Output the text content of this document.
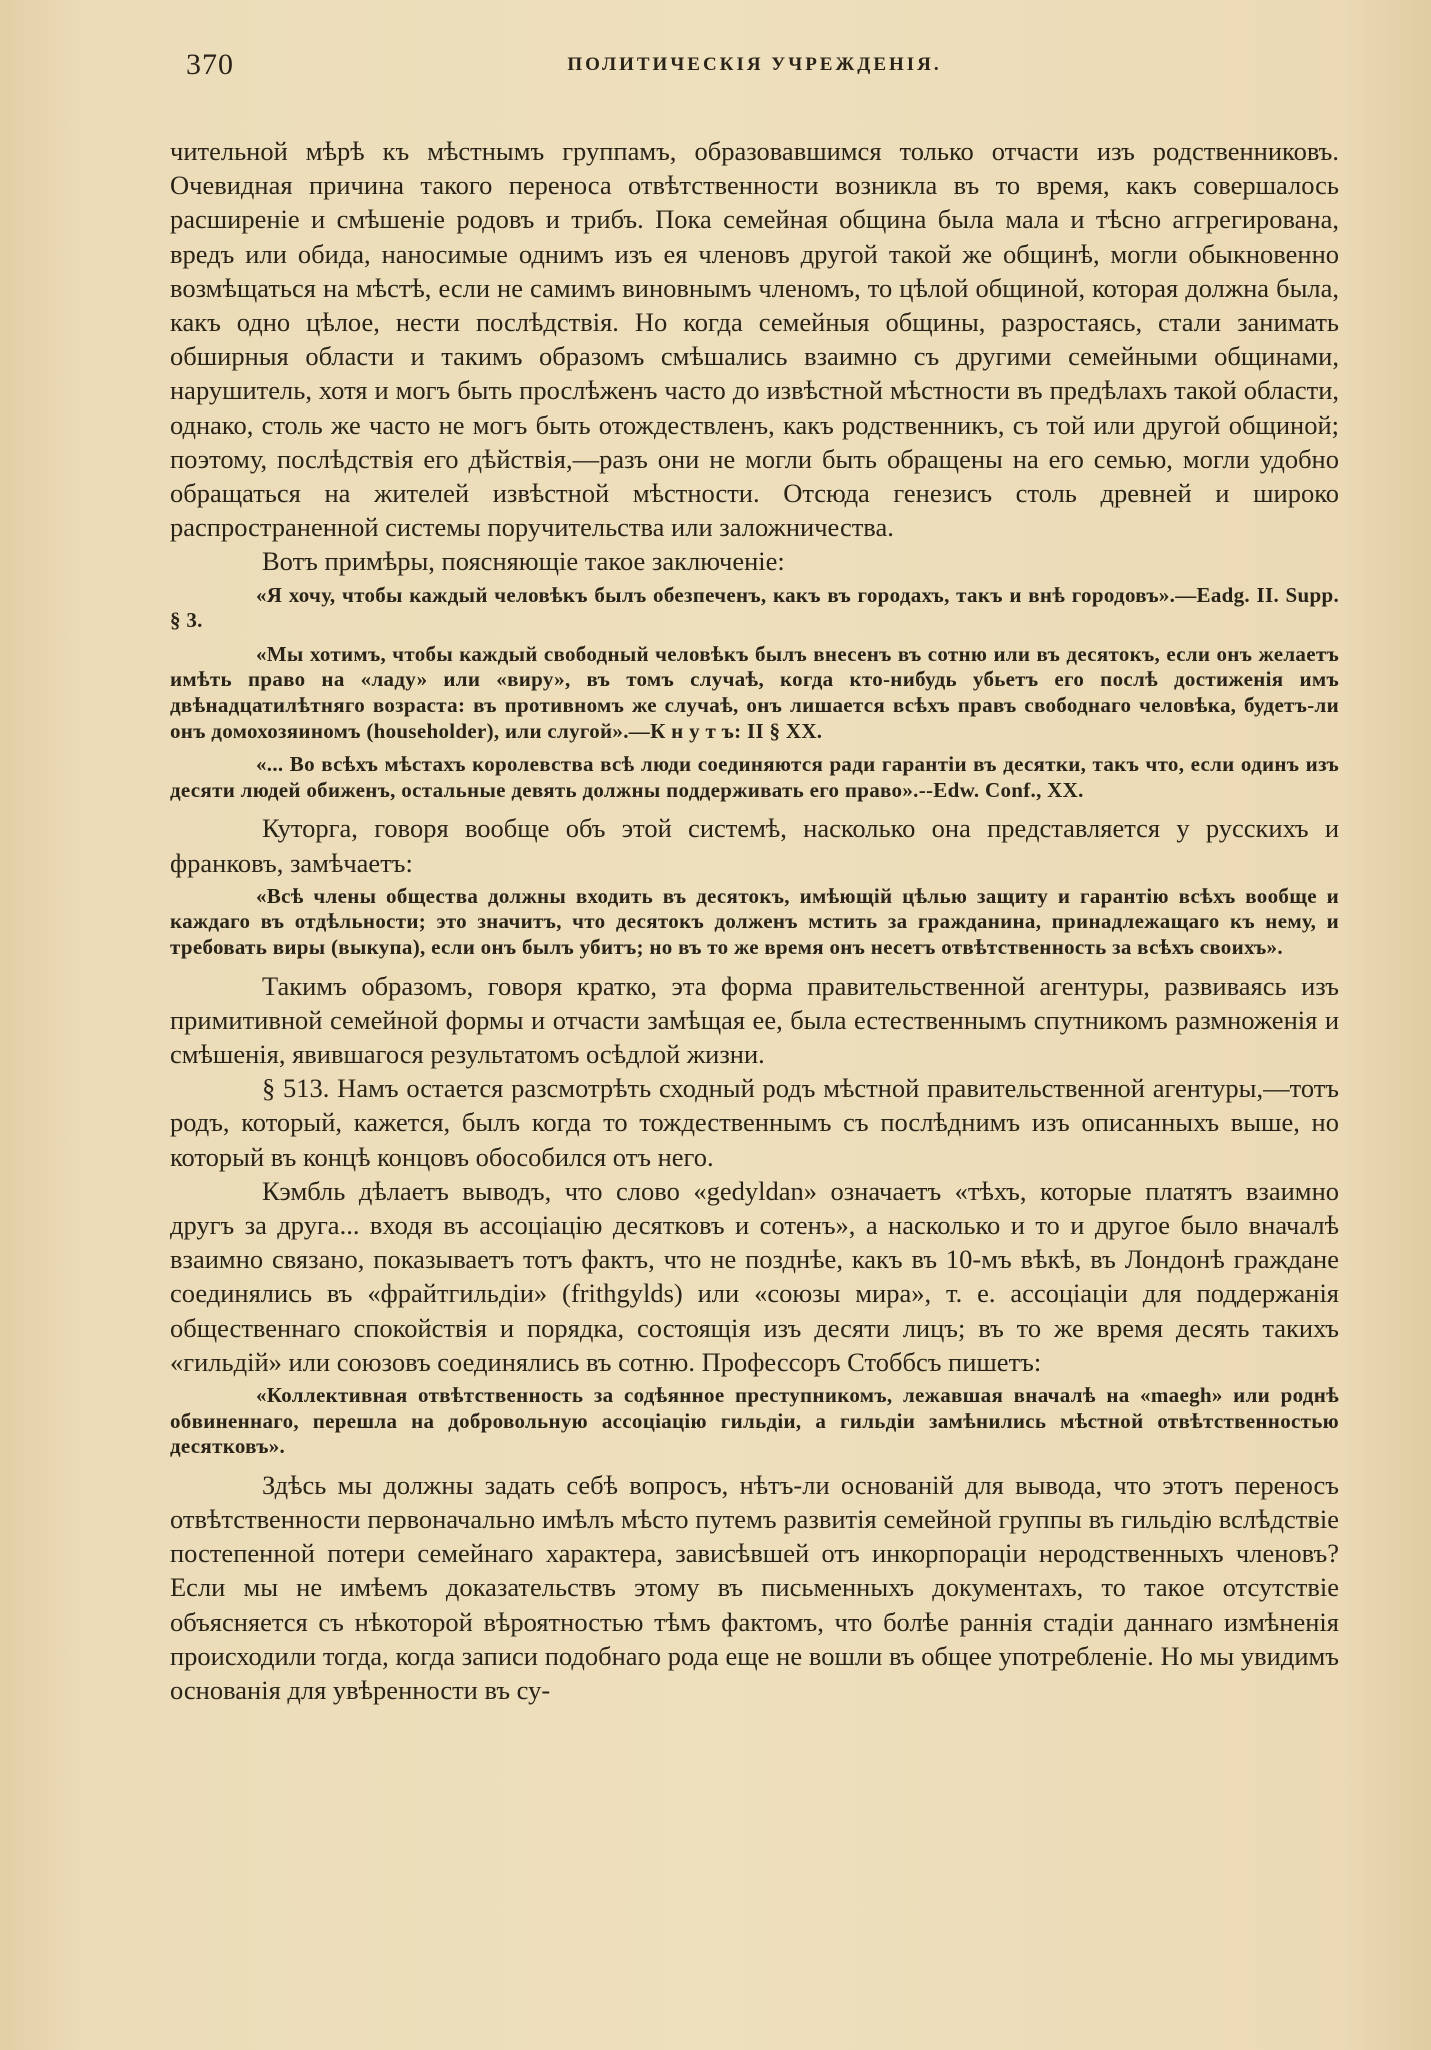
370	ПОЛИТИЧЕСКІЯ УЧРЕЖДЕНІЯ.

чительной мѣрѣ къ мѣстнымъ группамъ, образовавшимся только отчасти изъ родственниковъ. Очевидная причина такого переноса отвѣтственности возникла въ то время, какъ совершалось расширеніе и смѣшеніе родовъ и трибъ. Пока семейная община была мала и тѣсно аггрегирована, вредъ или обида, наносимые однимъ изъ ея членовъ другой такой же общинѣ, могли обыкновенно возмѣщаться на мѣстѣ, если не самимъ виновнымъ членомъ, то цѣлой общиной, которая должна была, какъ одно цѣлое, нести послѣдствія. Но когда семейныя общины, разростаясь, стали занимать обширныя области и такимъ образомъ смѣшались взаимно съ другими семейными общинами, нарушитель, хотя и могъ быть прослѣженъ часто до извѣстной мѣстности въ предѣлахъ такой области, однако, столь же часто не могъ быть отождествленъ, какъ родственникъ, съ той или другой общиной; поэтому, послѣдствія его дѣйствія,—разъ они не могли быть обращены на его семью, могли удобно обращаться на жителей извѣстной мѣстности. Отсюда генезисъ столь древней и широко распространенной системы поручительства или заложничества.

Вотъ примѣры, поясняющіе такое заключеніе:

«Я хочу, чтобы каждый человѣкъ былъ обезпеченъ, какъ въ городахъ, такъ и внѣ городовъ».—Eadg. II. Supp. § 3.

«Мы хотимъ, чтобы каждый свободный человѣкъ былъ внесенъ въ сотню или въ десятокъ, если онъ желаетъ имѣть право на «ладу» или «виру», въ томъ случаѣ, когда кто-нибудь убьетъ его послѣ достиженія имъ двѣнадцатилѣтняго возраста: въ противномъ же случаѣ, онъ лишается всѣхъ правъ свободнаго человѣка, будетъ-ли онъ домохозяиномъ (householder), или слугой».—К н у т ъ: II § XX.

«... Во всѣхъ мѣстахъ королевства всѣ люди соединяются ради гарантіи въ десятки, такъ что, если одинъ изъ десяти людей обиженъ, остальные девять должны поддерживать его право».--Edw. Conf., XX.

Куторга, говоря вообще объ этой системѣ, насколько она представляется у русскихъ и франковъ, замѣчаетъ:

«Всѣ члены общества должны входить въ десятокъ, имѣющій цѣлью защиту и гарантію всѣхъ вообще и каждаго въ отдѣльности; это значитъ, что десятокъ долженъ мстить за гражданина, принадлежащаго къ нему, и требовать виры (выкупа), если онъ былъ убитъ; но въ то же время онъ несетъ отвѣтственность за всѣхъ своихъ».

Такимъ образомъ, говоря кратко, эта форма правительственной агентуры, развиваясь изъ примитивной семейной формы и отчасти замѣщая ее, была естественнымъ спутникомъ размноженія и смѣшенія, явившагося результатомъ осѣдлой жизни.

§ 513. Намъ остается разсмотрѣть сходный родъ мѣстной правительственной агентуры,—тотъ родъ, который, кажется, былъ когда то тождественнымъ съ послѣднимъ изъ описанныхъ выше, но который въ концѣ концовъ обособился отъ него.

Кэмбль дѣлаетъ выводъ, что слово «gedyldan» означаетъ «тѣхъ, которые платятъ взаимно другъ за друга... входя въ ассоціацію десятковъ и сотенъ», а насколько и то и другое было вначалѣ взаимно связано, показываетъ тотъ фактъ, что не позднѣе, какъ въ 10-мъ вѣкѣ, въ Лондонѣ граждане соединялись въ «фрайтгильдіи» (frithgylds) или «союзы мира», т. е. ассоціаціи для поддержанія общественнаго спокойствія и порядка, состоящія изъ десяти лицъ; въ то же время десять такихъ «гильдій» или союзовъ соединялись въ сотню. Профессоръ Стоббсъ пишетъ:

«Коллективная отвѣтственность за содѣянное преступникомъ, лежавшая вначалѣ на «maegh» или роднѣ обвиненнаго, перешла на добровольную ассоціацію гильдіи, а гильдіи замѣнились мѣстной отвѣтственностью десятковъ».

Здѣсь мы должны задать себѣ вопросъ, нѣтъ-ли основаній для вывода, что этотъ переносъ отвѣтственности первоначально имѣлъ мѣсто путемъ развитія семейной группы въ гильдію вслѣдствіе постепенной потери семейнаго характера, зависѣвшей отъ инкорпораціи неродственныхъ членовъ? Если мы не имѣемъ доказательствъ этому въ письменныхъ документахъ, то такое отсутствіе объясняется съ нѣкоторой вѣроятностью тѣмъ фактомъ, что болѣе раннія стадіи даннаго измѣненія происходили тогда, когда записи подобнаго рода еще не вошли въ общее употребленіе. Но мы увидимъ основанія для увѣренности въ су-
